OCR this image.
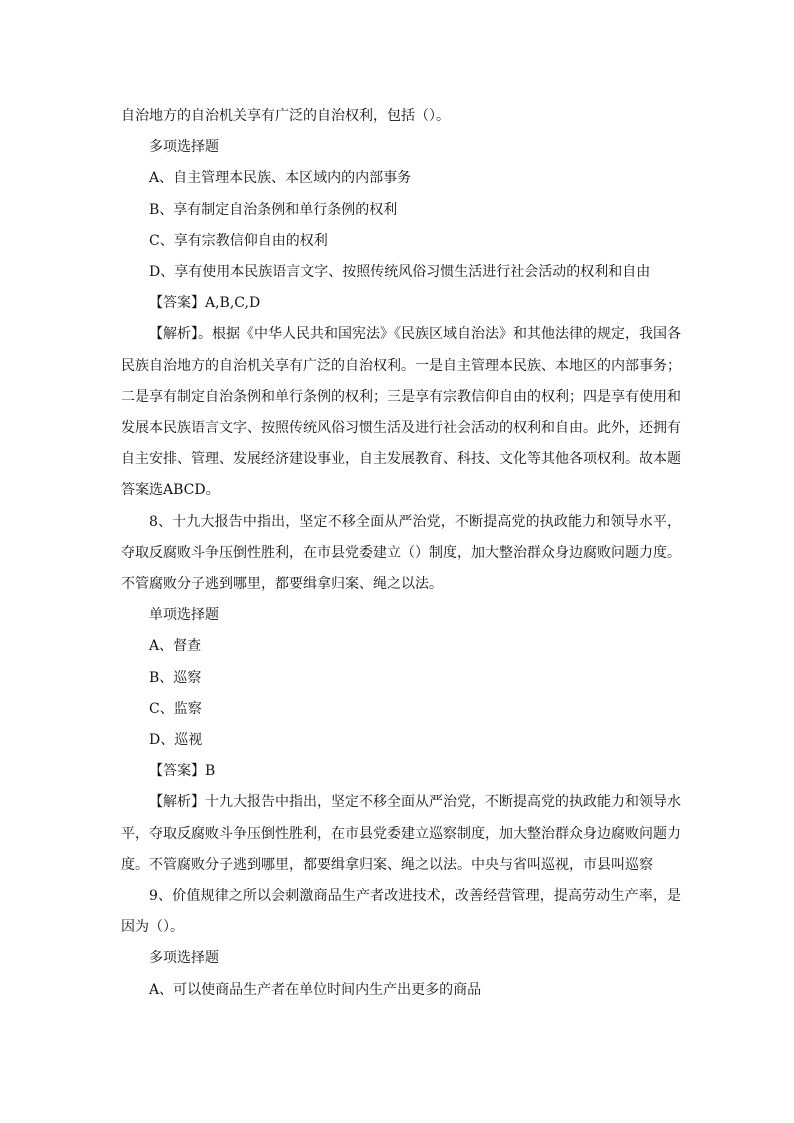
自治地方的自治机关享有广泛的自治权利，包括（）。

多项选择题

A、自主管理本民族、本区域内的内部事务

B、享有制定自治条例和单行条例的权利

C、享有宗教信仰自由的权利

D、享有使用本民族语言文字、按照传统风俗习惯生活进行社会活动的权利和自由

【答案】A,B,C,D

【解析】。根据《中华人民共和国宪法》《民族区域自治法》和其他法律的规定，我国各民族自治地方的自治机关享有广泛的自治权利。一是自主管理本民族、本地区的内部事务；二是享有制定自治条例和单行条例的权利；三是享有宗教信仰自由的权利；四是享有使用和发展本民族语言文字、按照传统风俗习惯生活及进行社会活动的权利和自由。此外，还拥有自主安排、管理、发展经济建设事业，自主发展教育、科技、文化等其他各项权利。故本题答案选ABCD。

8、十九大报告中指出，坚定不移全面从严治党，不断提高党的执政能力和领导水平，夺取反腐败斗争压倒性胜利，在市县党委建立（）制度，加大整治群众身边腐败问题力度。不管腐败分子逃到哪里，都要缉拿归案、绳之以法。

单项选择题

A、督查

B、巡察

C、监察

D、巡视

【答案】B

【解析】十九大报告中指出，坚定不移全面从严治党，不断提高党的执政能力和领导水平，夺取反腐败斗争压倒性胜利，在市县党委建立巡察制度，加大整治群众身边腐败问题力度。不管腐败分子逃到哪里，都要缉拿归案、绳之以法。中央与省叫巡视，市县叫巡察

9、价值规律之所以会刺激商品生产者改进技术，改善经营管理，提高劳动生产率，是因为（）。

多项选择题

A、可以使商品生产者在单位时间内生产出更多的商品
